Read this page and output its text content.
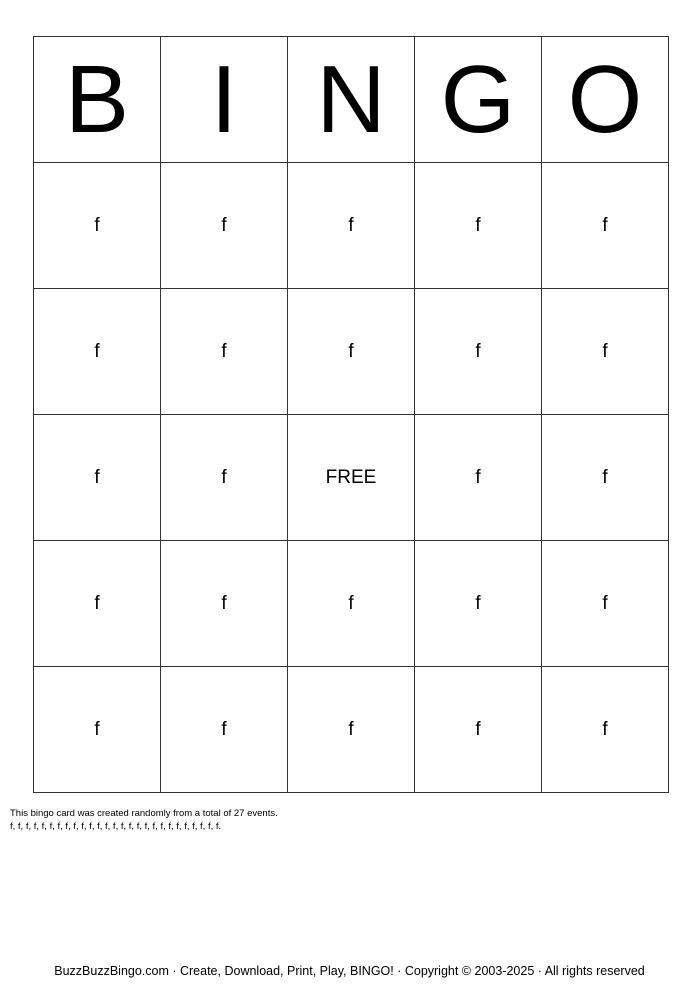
B	I	N	G	O
f	f	f	f	f
f	f	f	f	f
f	f	FREE	f	f
f	f	f	f	f
f	f	f	f	f
This bingo card was created randomly from a total of 27 events.
f, f, f, f, f, f, f, f, f, f, f, f, f, f, f, f, f, f, f, f, f, f, f, f, f, f, f.
BuzzBuzzBingo.com · Create, Download, Print, Play, BINGO! · Copyright © 2003-2025 · All rights reserved
